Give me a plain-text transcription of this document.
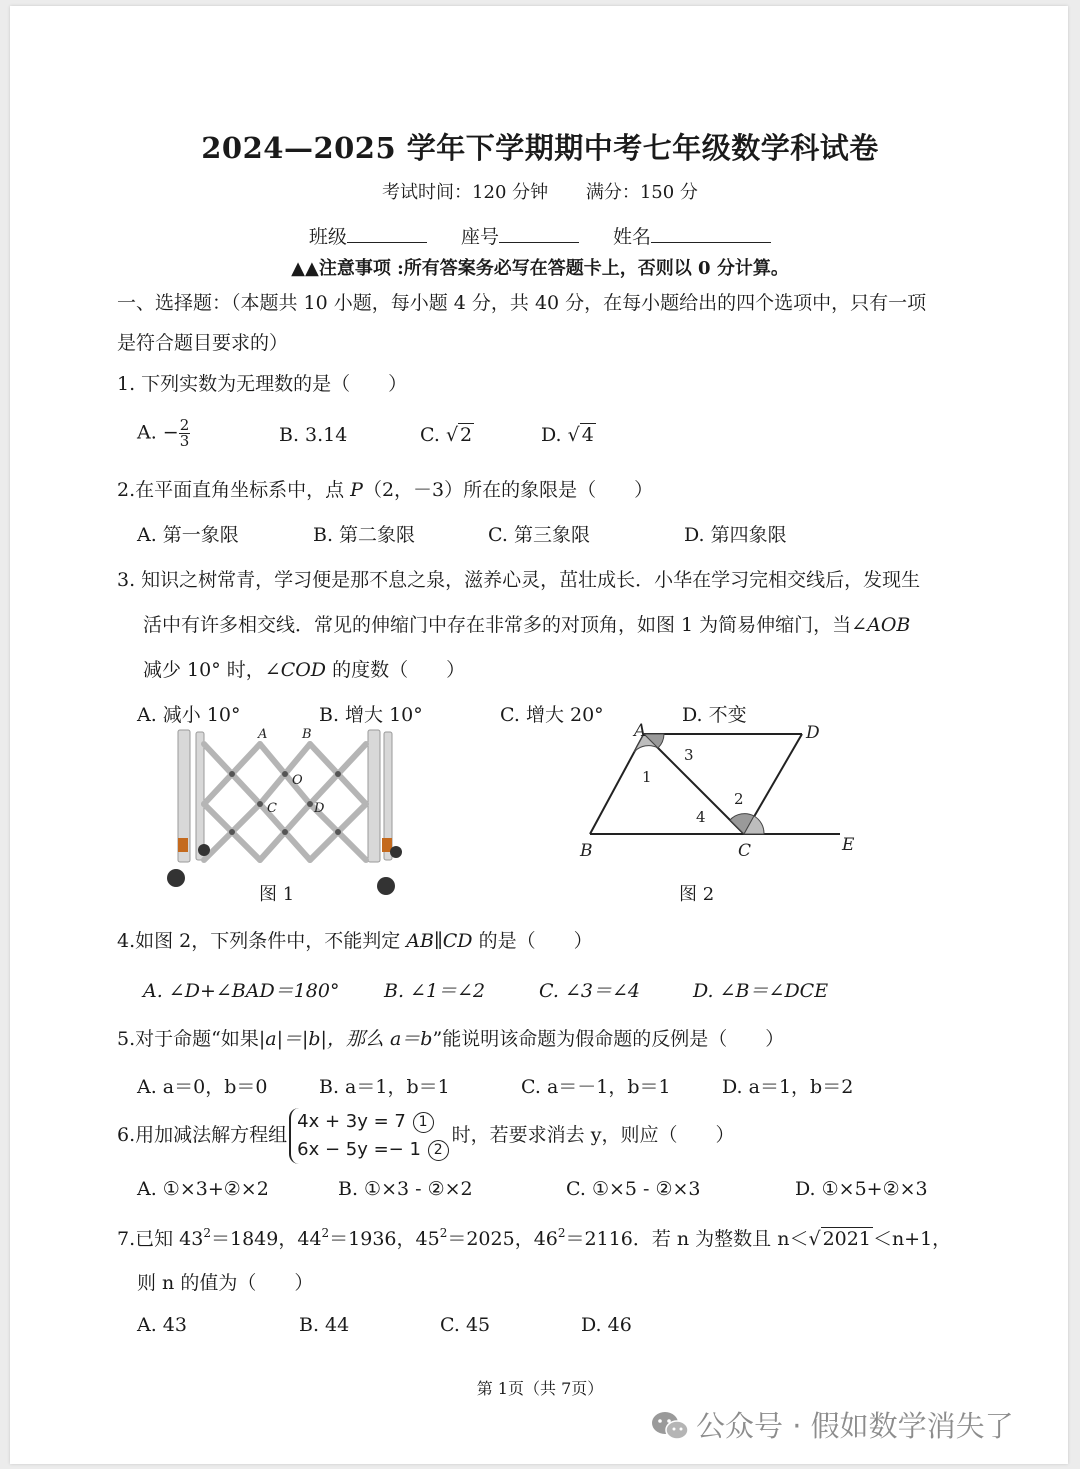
2024—2025 学年下学期期中考七年级数学科试卷
考试时间：120 分钟 满分：150 分
班级	座号	姓名
▲▲注意事项 :所有答案务必写在答题卡上，否则以 0 分计算。
一、选择题：（本题共 10 小题，每小题 4 分，共 40 分，在每小题给出的四个选项中，只有一项
是符合题目要求的）
1. 下列实数为无理数的是（　　）
A. − $\frac{2}{3}$	B. 3.14	C. √ 2	D. √ 4
2.在平面直角坐标系中，点 P（2，－3）所在的象限是（　　）
A. 第一象限	B. 第二象限	C. 第三象限	D. 第四象限
3. 知识之树常青，学习便是那不息之泉，滋养心灵，茁壮成长．小华在学习完相交线后，发现生
活中有许多相交线．常见的伸缩门中存在非常多的对顶角，如图 1 为简易伸缩门，当∠AOB
减少 10° 时，∠COD 的度数（　　）
A. 减小 10°	B. 增大 10°	C. 增大 20°	D. 不变
A	B
O
C	D
图 1
A	D
B	C	E
1
2
3
4
图 2
4.如图 2，下列条件中，不能判定 AB∥CD 的是（　　）
A. ∠D+∠BAD＝180° B. ∠1＝∠2	C. ∠3＝∠4	D. ∠B＝∠DCE
5.对于命题“如果|a|＝|b|，那么 a＝b”能说明该命题为假命题的反例是（　　）
A. a＝0，b＝0	B. a＝1，b＝1	C. a＝－1，b＝1	D. a＝1，b＝2
6.用加减法解方程组
4x + 3y = 7 1
6x − 5y =− 1 2
时，若要求消去 y，则应（　　）
A. ①×3+②×2	B. ①×3 - ②×2	C. ①×5 - ②×3	D. ①×5+②×3
7.已知 $43^2=1849$，$44^2=1936$，$45^2=2025$，$46^2=2116$．若 n 为整数且 n＜√ 2021 ＜n+1，
则 n 的值为（　　）
A. 43	B. 44	C. 45	D. 46
第 1页（共 7页）
公众号 · 假如数学消失了
